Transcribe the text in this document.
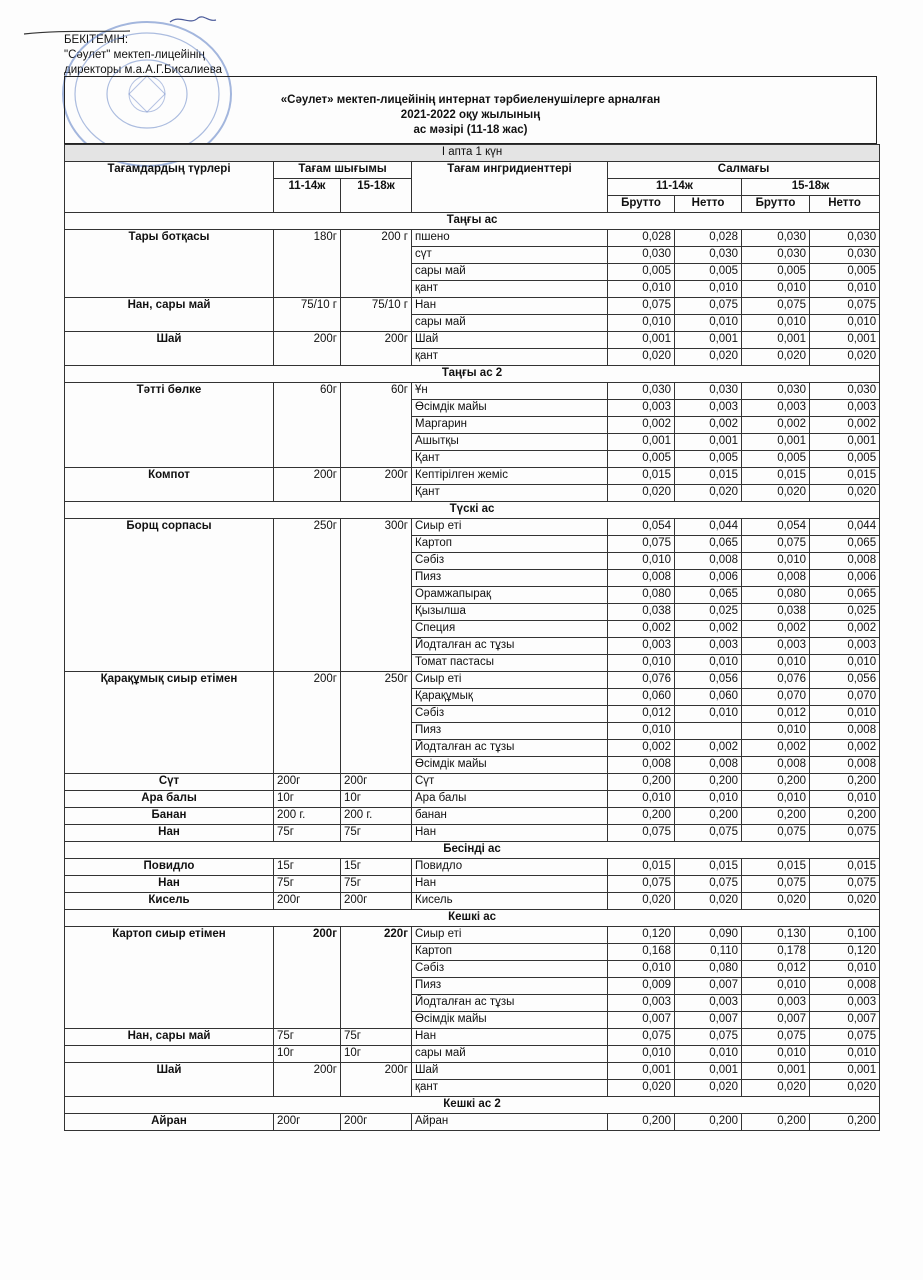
БЕКІТЕМІН:
"Сәулет" мектеп-лицейінің
директоры м.а.А.Г.Бисалиева
«Сәулет» мектеп-лицейінің интернат тәрбиеленушілерге арналған
2021-2022 оқу жылының
ас мәзірі (11-18 жас)
I апта 1 күн							
Тағамдардың түрлері	Тағам шығымы		Тағам ингридиенттері	Салмағы			
	11-14ж	15-18ж		11-14ж		15-18ж	
				Брутто	Нетто	Брутто	Нетто
Таңғы ас							
Тары ботқасы	180г	200 г	пшено	0,028	0,028	0,030	0,030
			сүт	0,030	0,030	0,030	0,030
			сары май	0,005	0,005	0,005	0,005
			қант	0,010	0,010	0,010	0,010
Нан, сары май	75/10 г	75/10 г	Нан	0,075	0,075	0,075	0,075
			сары май	0,010	0,010	0,010	0,010
Шай	200г	200г	Шай	0,001	0,001	0,001	0,001
			қант	0,020	0,020	0,020	0,020
Таңғы ас 2							
Тәтті бөлке	60г	60г	Ұн	0,030	0,030	0,030	0,030
			Өсімдік майы	0,003	0,003	0,003	0,003
			Маргарин	0,002	0,002	0,002	0,002
			Ашытқы	0,001	0,001	0,001	0,001
			Қант	0,005	0,005	0,005	0,005
Компот	200г	200г	Кептірілген жеміс	0,015	0,015	0,015	0,015
			Қант	0,020	0,020	0,020	0,020
Түскі ас							
Борщ сорпасы	250г	300г	Сиыр еті	0,054	0,044	0,054	0,044
			Картоп	0,075	0,065	0,075	0,065
			Сәбіз	0,010	0,008	0,010	0,008
			Пияз	0,008	0,006	0,008	0,006
			Орамжапырақ	0,080	0,065	0,080	0,065
			Қызылша	0,038	0,025	0,038	0,025
			Специя	0,002	0,002	0,002	0,002
			Йодталған ас тұзы	0,003	0,003	0,003	0,003
			Томат пастасы	0,010	0,010	0,010	0,010
Қарақұмық сиыр етімен	200г	250г	Сиыр еті	0,076	0,056	0,076	0,056
			Қарақұмық	0,060	0,060	0,070	0,070
			Сәбіз	0,012	0,010	0,012	0,010
			Пияз	0,010		0,010	0,008
			Йодталған ас тұзы	0,002	0,002	0,002	0,002
			Өсімдік майы	0,008	0,008	0,008	0,008
Сүт	200г	200г	Сүт	0,200	0,200	0,200	0,200
Ара балы	10г	10г	Ара балы	0,010	0,010	0,010	0,010
Банан	200 г.	200 г.	банан	0,200	0,200	0,200	0,200
Нан	75г	75г	Нан	0,075	0,075	0,075	0,075
Бесінді ас							
Повидло	15г	15г	Повидло	0,015	0,015	0,015	0,015
Нан	75г	75г	Нан	0,075	0,075	0,075	0,075
Кисель	200г	200г	Кисель	0,020	0,020	0,020	0,020
Кешкі ас							
Картоп сиыр етімен	200г	220г	Сиыр еті	0,120	0,090	0,130	0,100
			Картоп	0,168	0,110	0,178	0,120
			Сәбіз	0,010	0,080	0,012	0,010
			Пияз	0,009	0,007	0,010	0,008
			Йодталған ас тұзы	0,003	0,003	0,003	0,003
			Өсімдік майы	0,007	0,007	0,007	0,007
Нан, сары май	75г	75г	Нан	0,075	0,075	0,075	0,075
	10г	10г	сары май	0,010	0,010	0,010	0,010
Шай	200г	200г	Шай	0,001	0,001	0,001	0,001
			қант	0,020	0,020	0,020	0,020
Кешкі ас 2							
Айран	200г	200г	Айран	0,200	0,200	0,200	0,200
